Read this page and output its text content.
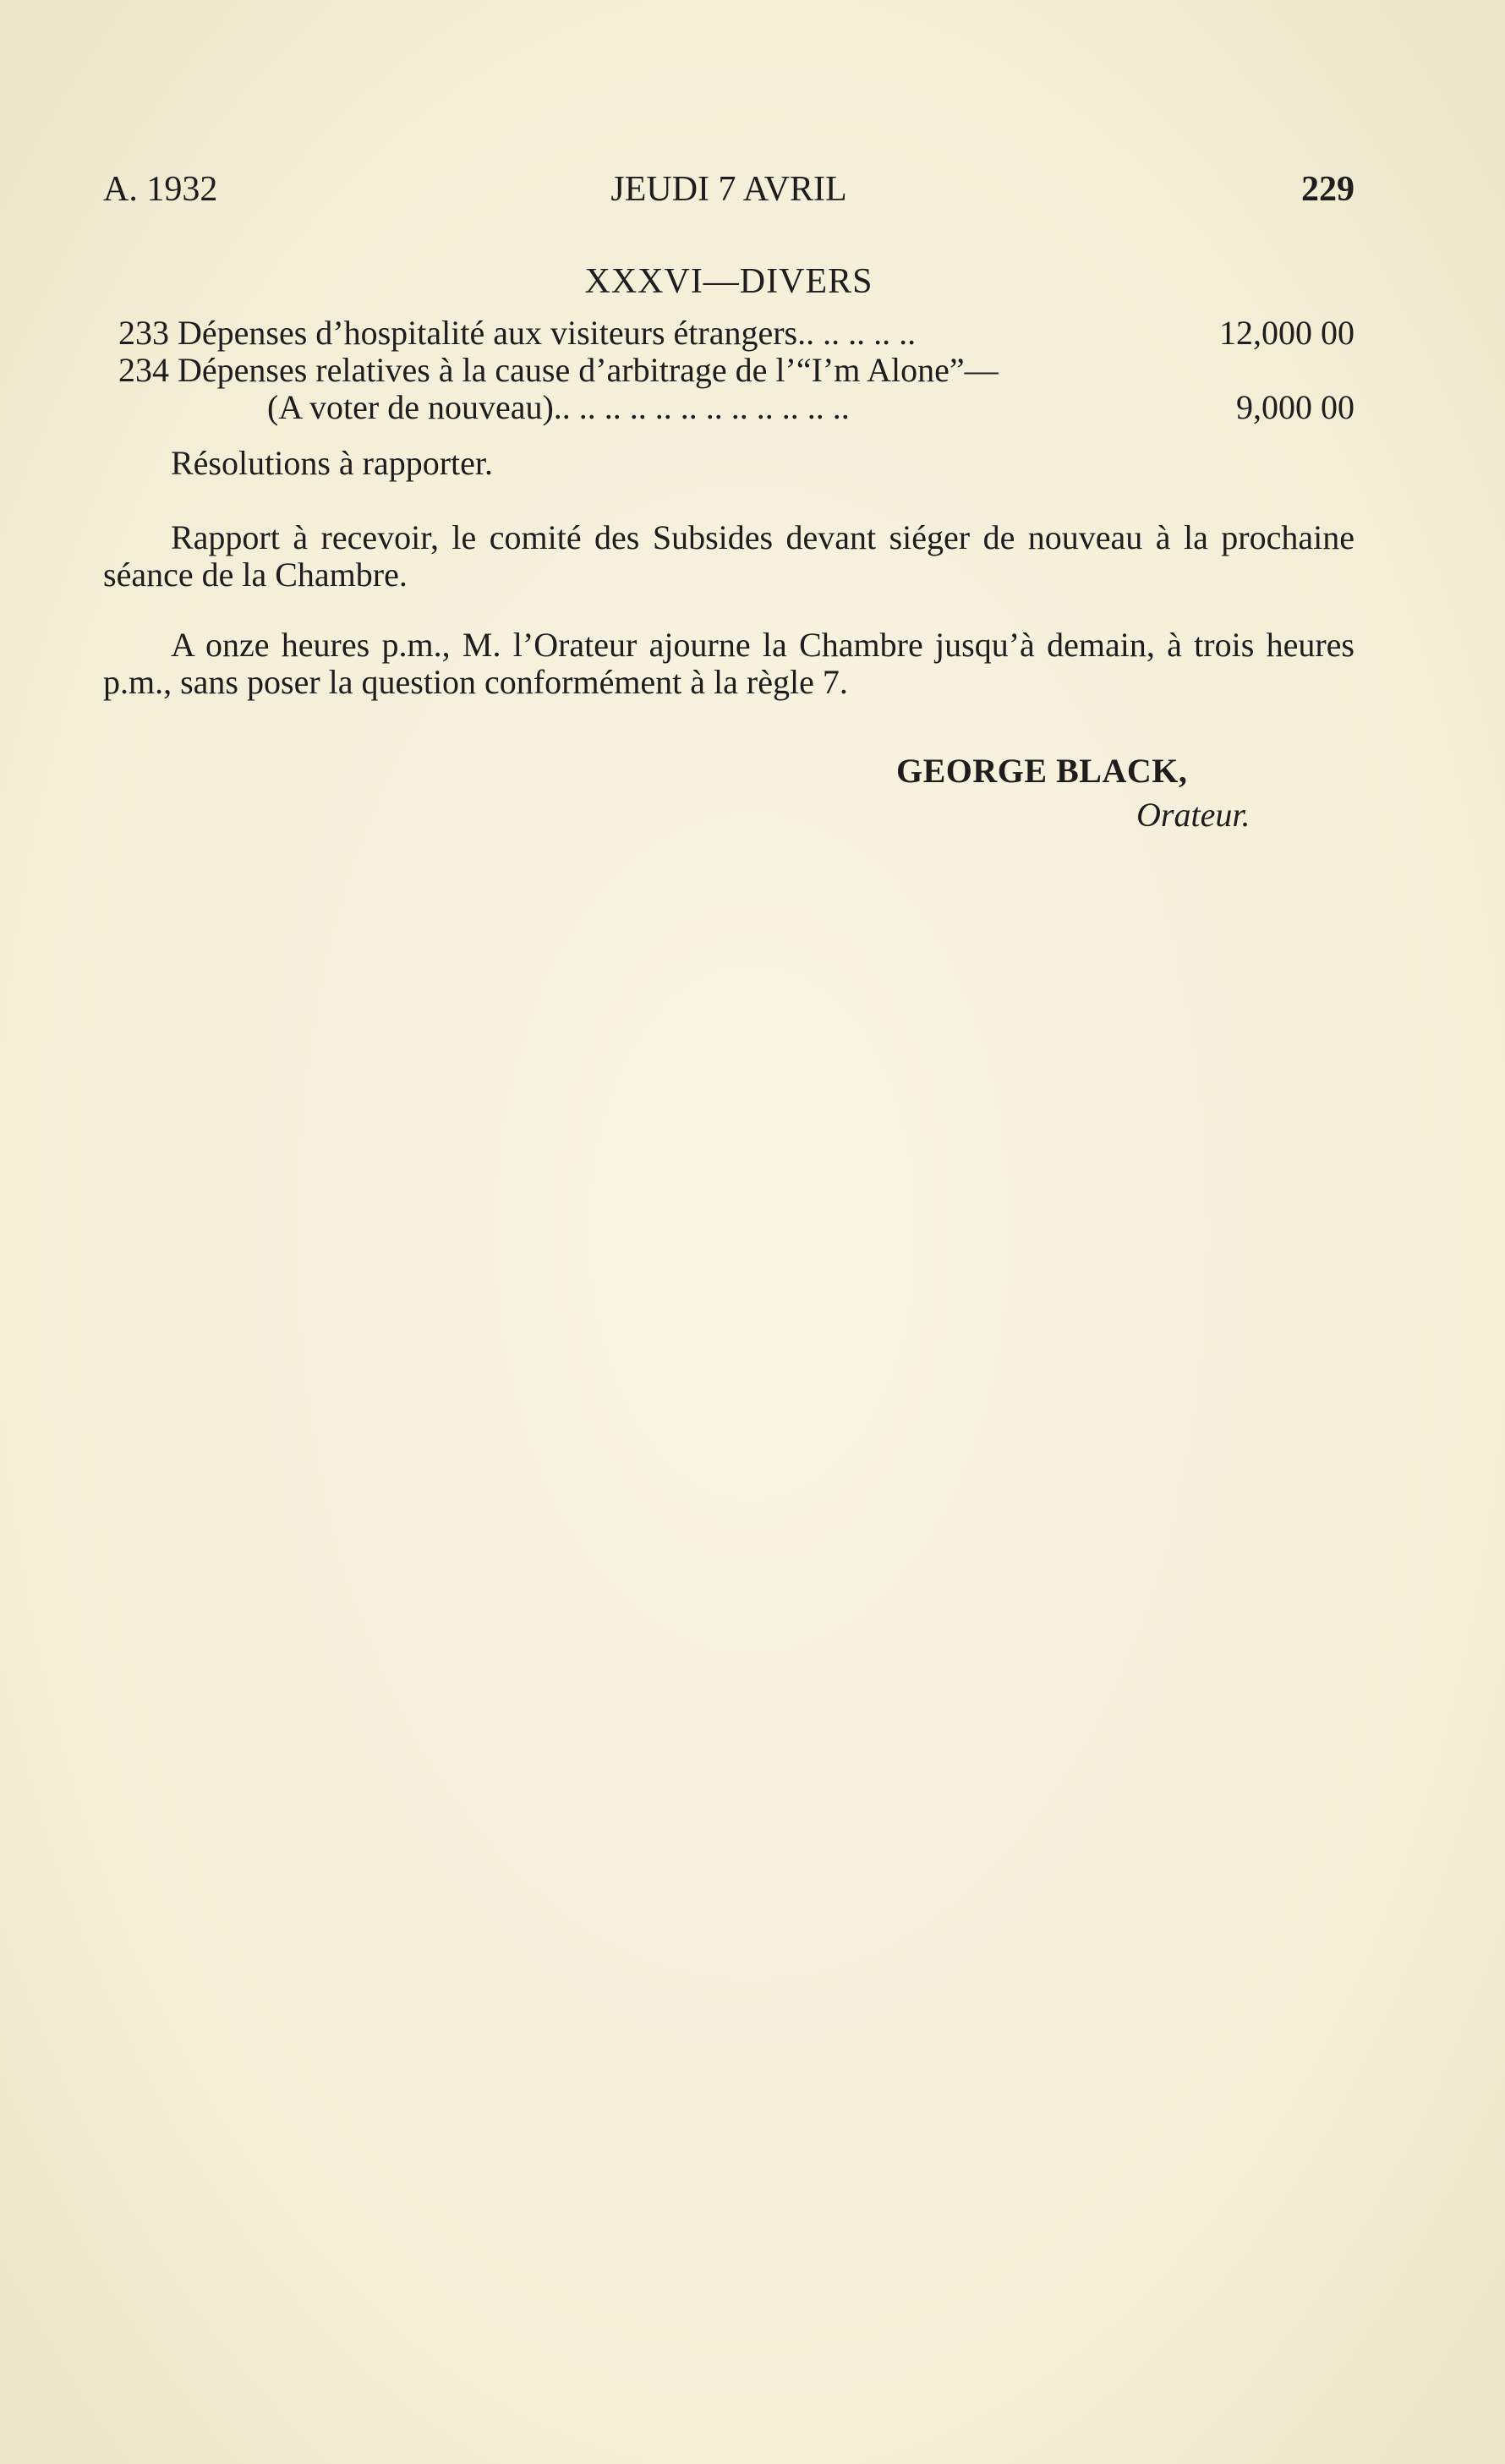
A. 1932	JEUDI 7 AVRIL	229
XXXVI—DIVERS
233 Dépenses d’hospitalité aux visiteurs étrangers.. .. .. .. ..	12,000 00
234 Dépenses relatives à la cause d’arbitrage de l’“I’m Alone”—
(A voter de nouveau).. .. .. .. .. .. .. .. .. .. .. ..	9,000 00
Résolutions à rapporter.

Rapport à recevoir, le comité des Subsides devant siéger de nouveau à la prochaine séance de la Chambre.

A onze heures p.m., M. l’Orateur ajourne la Chambre jusqu’à demain, à trois heures p.m., sans poser la question conformément à la règle 7.

GEORGE BLACK,
Orateur.
